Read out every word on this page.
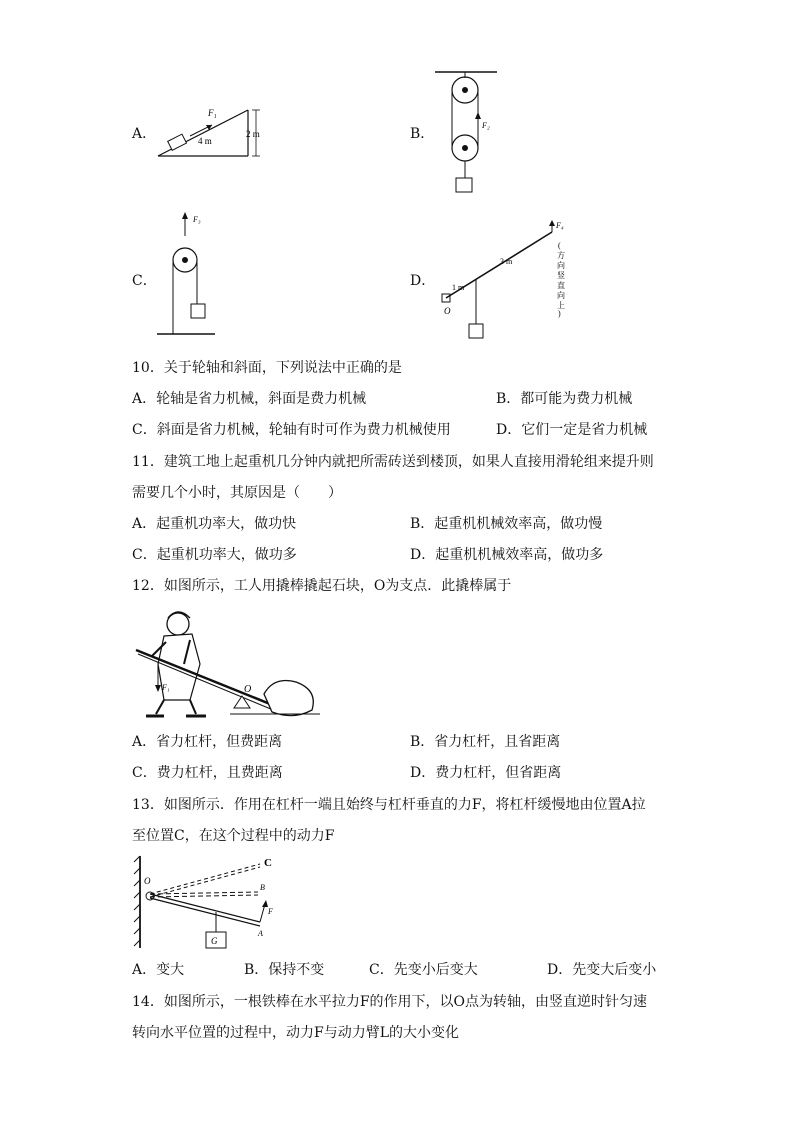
A．
F₁
4 m
2 m	B．
F₂
C．
F₃
D．
F₄
(
方
向
竖
直
向
上
)
3 m
1 m
O
10．关于轮轴和斜面，下列说法中正确的是
A．轮轴是省力机械，斜面是费力机械	B．都可能为费力机械
C．斜面是省力机械，轮轴有时可作为费力机械使用	D．它们一定是省力机械
11．建筑工地上起重机几分钟内就把所需砖送到楼顶，如果人直接用滑轮组来提升则
需要几个小时，其原因是（　　）
A．起重机功率大，做功快	B．起重机机械效率高，做功慢
C．起重机功率大，做功多	D．起重机机械效率高，做功多
12．如图所示，工人用撬棒撬起石块，O为支点．此撬棒属于
F₁	O
A．省力杠杆，但费距离	B．省力杠杆，且省距离
C．费力杠杆，且费距离	D．费力杠杆，但省距离
13．如图所示．作用在杠杆一端且始终与杠杆垂直的力F，将杠杆缓慢地由位置A拉
至位置C，在这个过程中的动力F
O
C
B
A
F
G
A．变大	B．保持不变	C．先变小后变大	D．先变大后变小
14．如图所示，一根铁棒在水平拉力F的作用下，以O点为转轴，由竖直逆时针匀速
转向水平位置的过程中，动力F与动力臂L的大小变化
